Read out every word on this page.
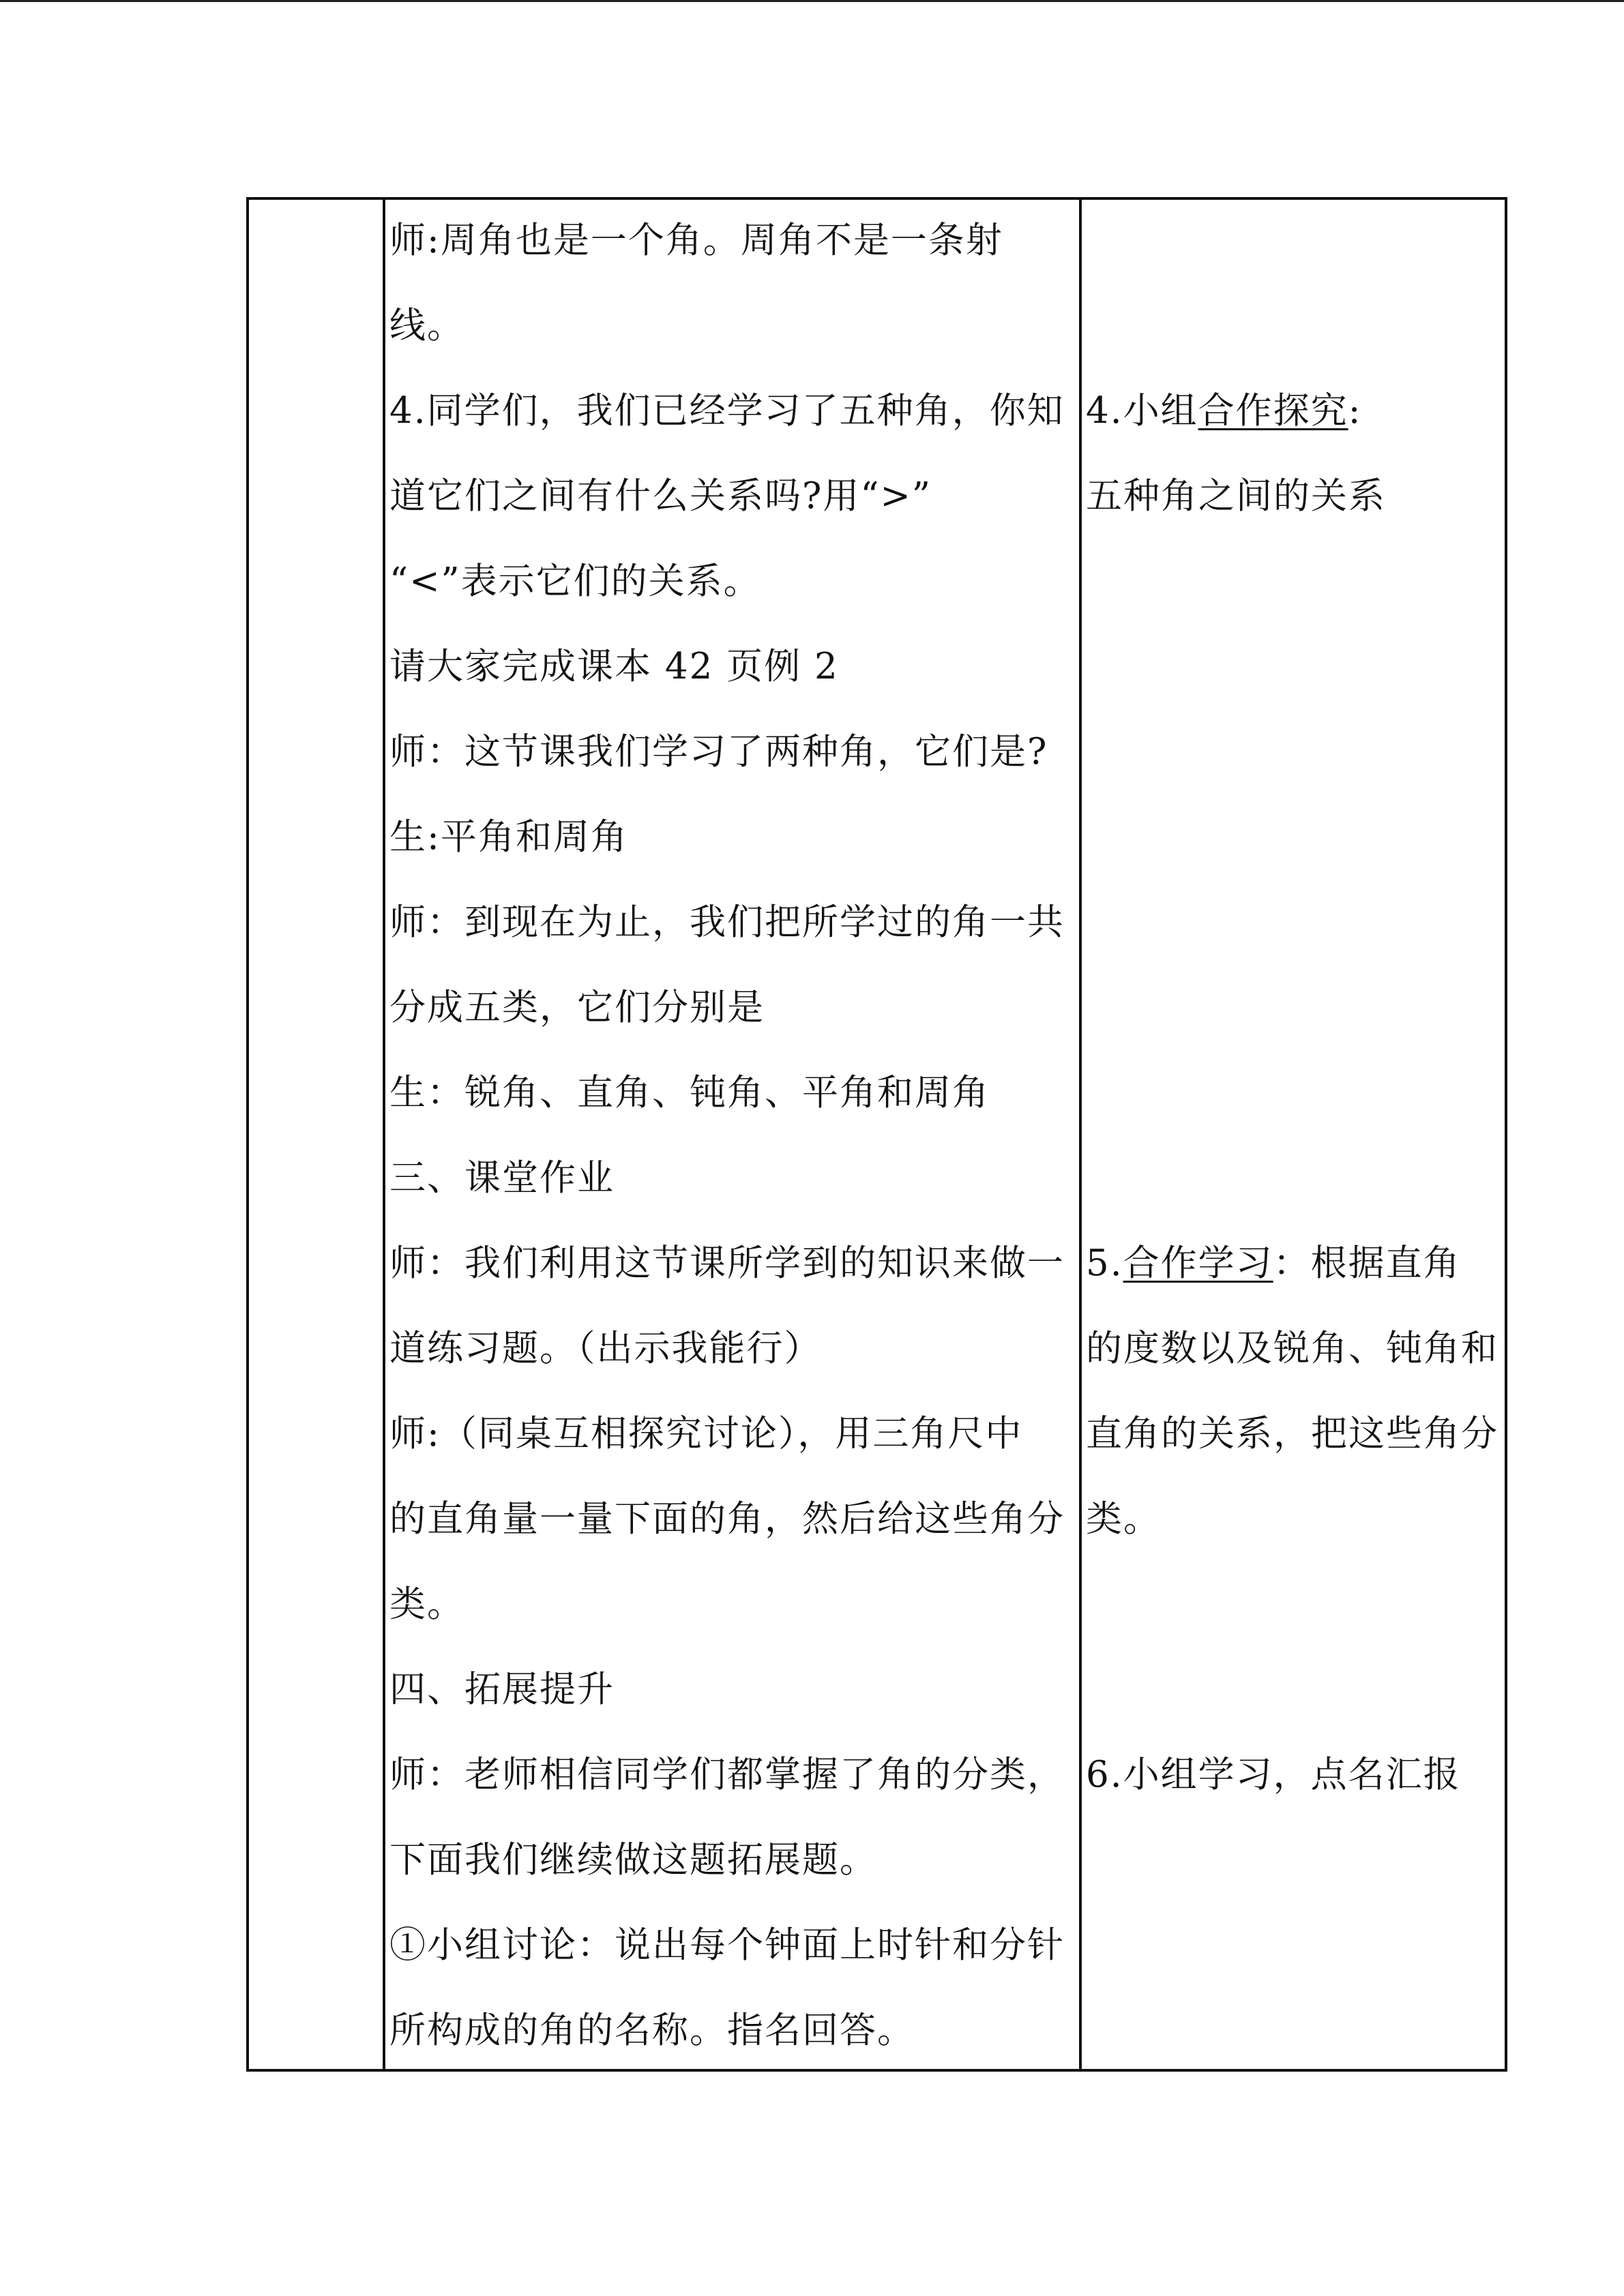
师:周角也是一个角。周角不是一条射
线。
4.同学们，我们已经学习了五种角，你知
道它们之间有什么关系吗?用“>”
“<”表示它们的关系。
请大家完成课本 42 页例 2
师：这节课我们学习了两种角，它们是?
生:平角和周角
师：到现在为止，我们把所学过的角一共
分成五类，它们分别是
生：锐角、直角、钝角、平角和周角
三、课堂作业
师：我们利用这节课所学到的知识来做一
道练习题。（出示我能行）
师:（同桌互相探究讨论），用三角尺中
的直角量一量下面的角，然后给这些角分
类。
四、拓展提升
师：老师相信同学们都掌握了角的分类，
下面我们继续做这题拓展题。
①小组讨论：说出每个钟面上时针和分针
所构成的角的名称。指名回答。
4.小组合作探究:
五种角之间的关系
5.合作学习：根据直角
的度数以及锐角、钝角和
直角的关系，把这些角分
类。
6.小组学习，点名汇报
